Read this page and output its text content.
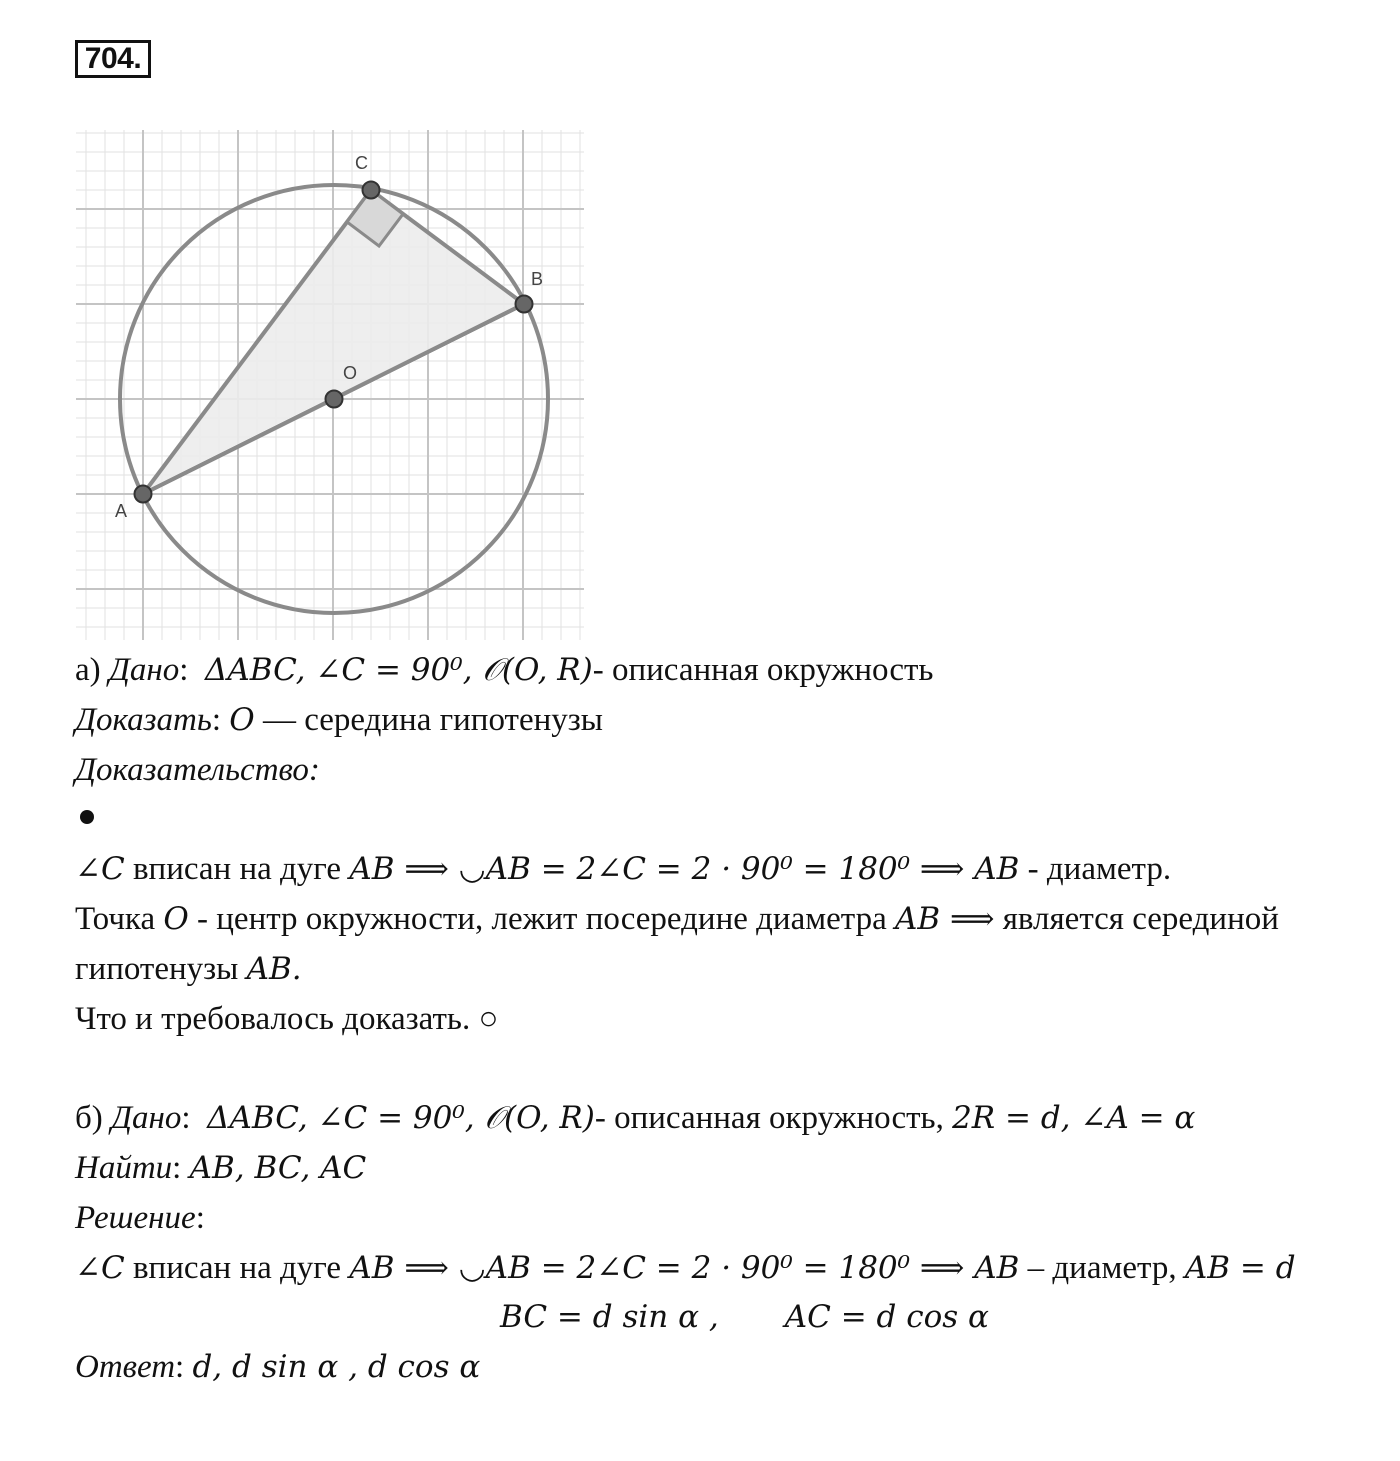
704.
A
B
C
O
а) Дано:  ΔABC, ∠C = 90⁰, 𝒪(O, R)- описанная окружность
Доказать: O — середина гипотенузы
Доказательство:
∠C вписан на дуге AB ⟹ ◡AB = 2∠C = 2 · 90⁰ = 180⁰ ⟹ AB - диаметр.
Точка O - центр окружности, лежит посередине диаметра AB ⟹ является серединой
гипотенузы AB.
Что и требовалось доказать. ○
б) Дано:  ΔABC, ∠C = 90⁰, 𝒪(O, R)- описанная окружность, 2R = d, ∠A = α
Найти: AB, BC, AC
Решение:
∠C вписан на дуге AB ⟹ ◡AB = 2∠C = 2 · 90⁰ = 180⁰ ⟹ AB – диаметр, AB = d
BC = d sin α , AC = d cos α
Ответ: d, d sin α , d cos α
